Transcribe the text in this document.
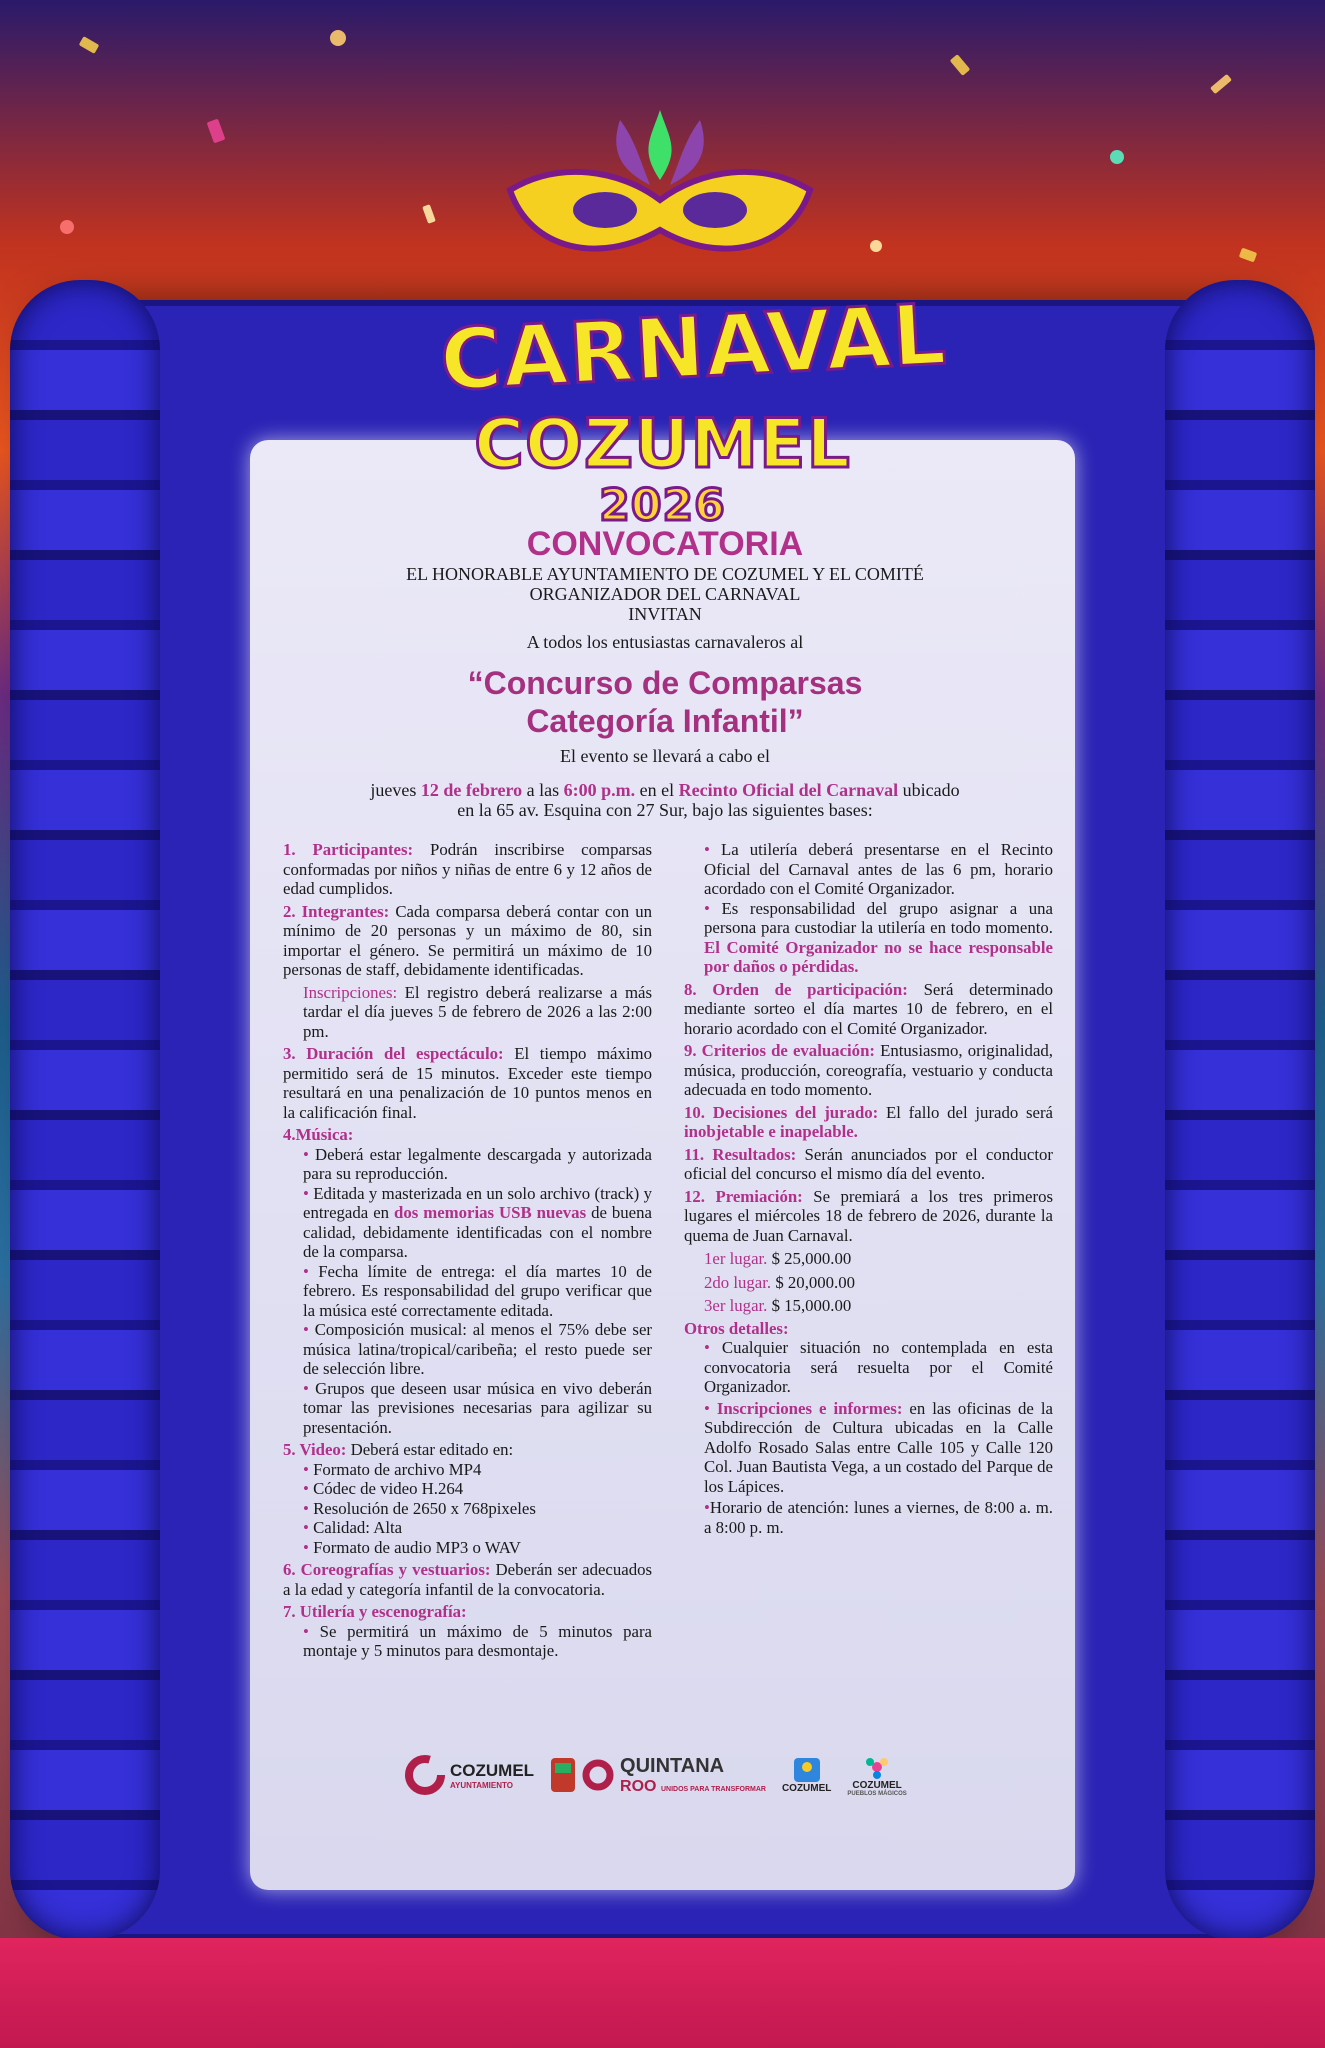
CARNAVAL
COZUMEL
2026

CONVOCATORIA

EL HONORABLE AYUNTAMIENTO DE COZUMEL Y EL COMITÉ

ORGANIZADOR DEL CARNAVAL

INVITAN

A todos los entusiastas carnavaleros al

“Concurso de Comparsas
Categoría Infantil”

El evento se llevará a cabo el

jueves 12 de febrero a las 6:00 p.m. en el Recinto Oficial del Carnaval ubicado

en la 65 av. Esquina con 27 Sur, bajo las siguientes bases:

1. Participantes: Podrán inscribirse comparsas conformadas por niños y niñas de entre 6 y 12 años de edad cumplidos.

2. Integrantes: Cada comparsa deberá contar con un mínimo de 20 personas y un máximo de 80, sin importar el género. Se permitirá un máximo de 10 personas de staff, debidamente identificadas.

Inscripciones: El registro deberá realizarse a más tardar el día jueves 5 de febrero de 2026 a las 2:00 pm.

3. Duración del espectáculo: El tiempo máximo permitido será de 15 minutos. Exceder este tiempo resultará en una penalización de 10 puntos menos en la calificación final.

4.Música:

• Deberá estar legalmente descargada y autorizada para su reproducción.

• Editada y masterizada en un solo archivo (track) y entregada en dos memorias USB nuevas de buena calidad, debidamente identificadas con el nombre de la comparsa.

• Fecha límite de entrega: el día martes 10 de febrero. Es responsabilidad del grupo verificar que la música esté correctamente editada.

• Composición musical: al menos el 75% debe ser música latina/tropical/caribeña; el resto puede ser de selección libre.

• Grupos que deseen usar música en vivo deberán tomar las previsiones necesarias para agilizar su presentación.

5. Video: Deberá estar editado en:

• Formato de archivo MP4

• Códec de video H.264

• Resolución de 2650 x 768pixeles

• Calidad: Alta

• Formato de audio MP3 o WAV

6. Coreografías y vestuarios: Deberán ser adecuados a la edad y categoría infantil de la convocatoria.

7. Utilería y escenografía:

• Se permitirá un máximo de 5 minutos para montaje y 5 minutos para desmontaje.

• La utilería deberá presentarse en el Recinto Oficial del Carnaval antes de las 6 pm, horario acordado con el Comité Organizador.

• Es responsabilidad del grupo asignar a una persona para custodiar la utilería en todo momento. El Comité Organizador no se hace responsable por daños o pérdidas.

8. Orden de participación: Será determinado mediante sorteo el día martes 10 de febrero, en el horario acordado con el Comité Organizador.

9. Criterios de evaluación: Entusiasmo, originalidad, música, producción, coreografía, vestuario y conducta adecuada en todo momento.

10. Decisiones del jurado: El fallo del jurado será inobjetable e inapelable.

11. Resultados: Serán anunciados por el conductor oficial del concurso el mismo día del evento.

12. Premiación: Se premiará a los tres primeros lugares el miércoles 18 de febrero de 2026, durante la quema de Juan Carnaval.

1er lugar. $ 25,000.00

2do lugar. $ 20,000.00

3er lugar. $ 15,000.00

Otros detalles:

• Cualquier situación no contemplada en esta convocatoria será resuelta por el Comité Organizador.

• Inscripciones e informes: en las oficinas de la Subdirección de Cultura ubicadas en la Calle Adolfo Rosado Salas entre Calle 105 y Calle 120 Col. Juan Bautista Vega, a un costado del Parque de los Lápices.

•Horario de atención: lunes a viernes, de 8:00 a. m. a 8:00 p. m.

COZUMEL
AYUNTAMIENTO
QUINTANA
ROO UNIDOS PARA TRANSFORMAR COZUMEL COZUMEL
PUEBLOS MÁGICOS
